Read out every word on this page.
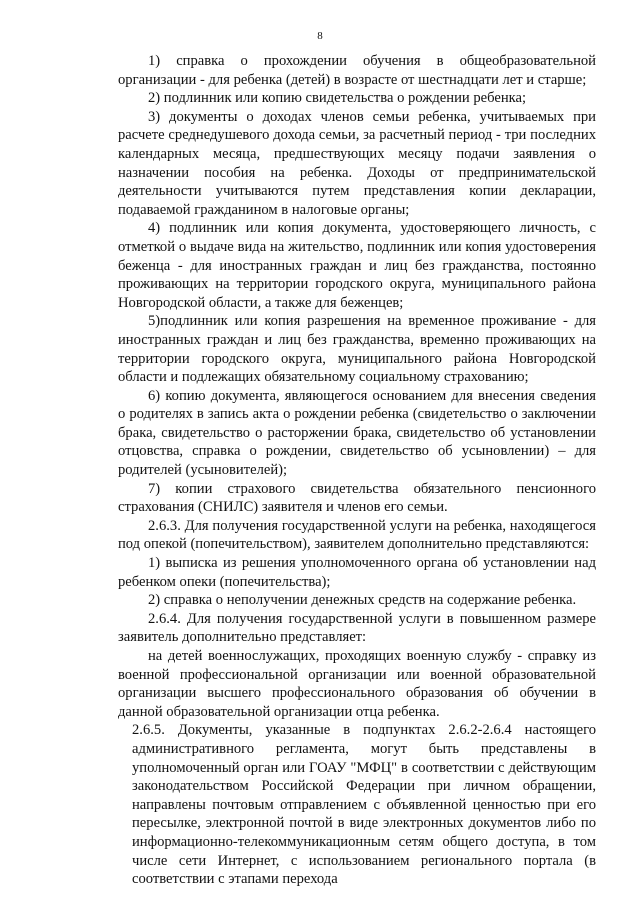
8

1) справка о прохождении обучения в общеобразовательной организации - для ребенка (детей) в возрасте от шестнадцати лет и старше;

2) подлинник или копию свидетельства о рождении ребенка;

3) документы о доходах членов семьи ребенка, учитываемых при расчете среднедушевого дохода семьи, за расчетный период - три последних календарных месяца, предшествующих месяцу подачи заявления о назначении пособия на ребенка. Доходы от предпринимательской деятельности учитываются путем представления копии декларации, подаваемой гражданином в налоговые органы;

4) подлинник или копия документа, удостоверяющего личность, с отметкой о выдаче вида на жительство, подлинник или копия удостоверения беженца - для иностранных граждан и лиц без гражданства, постоянно проживающих на территории городского округа, муниципального района Новгородской области, а также для беженцев;

5)подлинник или копия разрешения на временное проживание - для иностранных граждан и лиц без гражданства, временно проживающих на территории городского округа, муниципального района Новгородской области и подлежащих обязательному социальному страхованию;

6) копию документа, являющегося основанием для внесения сведения о родителях в запись акта о рождении ребенка (свидетельство о заключении брака, свидетельство о расторжении брака, свидетельство об установлении отцовства, справка о рождении, свидетельство об усыновлении) – для родителей (усыновителей);

7) копии страхового свидетельства обязательного пенсионного страхования (СНИЛС) заявителя и членов его семьи.

2.6.3. Для получения государственной услуги на ребенка, находящегося под опекой (попечительством), заявителем дополнительно представляются:

1) выписка из решения уполномоченного органа об установлении над ребенком опеки (попечительства);

2) справка о неполучении денежных средств на содержание ребенка.

2.6.4. Для получения государственной услуги в повышенном размере заявитель дополнительно представляет:

на детей военнослужащих, проходящих военную службу - справку из военной профессиональной организации или военной образовательной организации высшего профессионального образования об обучении в данной образовательной организации отца ребенка.

2.6.5. Документы, указанные в подпунктах 2.6.2-2.6.4 настоящего административного регламента, могут быть представлены в уполномоченный орган или ГОАУ "МФЦ" в соответствии с действующим законодательством Российской Федерации при личном обращении, направлены почтовым отправлением с объявленной ценностью при его пересылке, электронной почтой в виде электронных документов либо по информационно-телекоммуникационным сетям общего доступа, в том числе сети Интернет, с использованием регионального портала (в соответствии с этапами перехода
